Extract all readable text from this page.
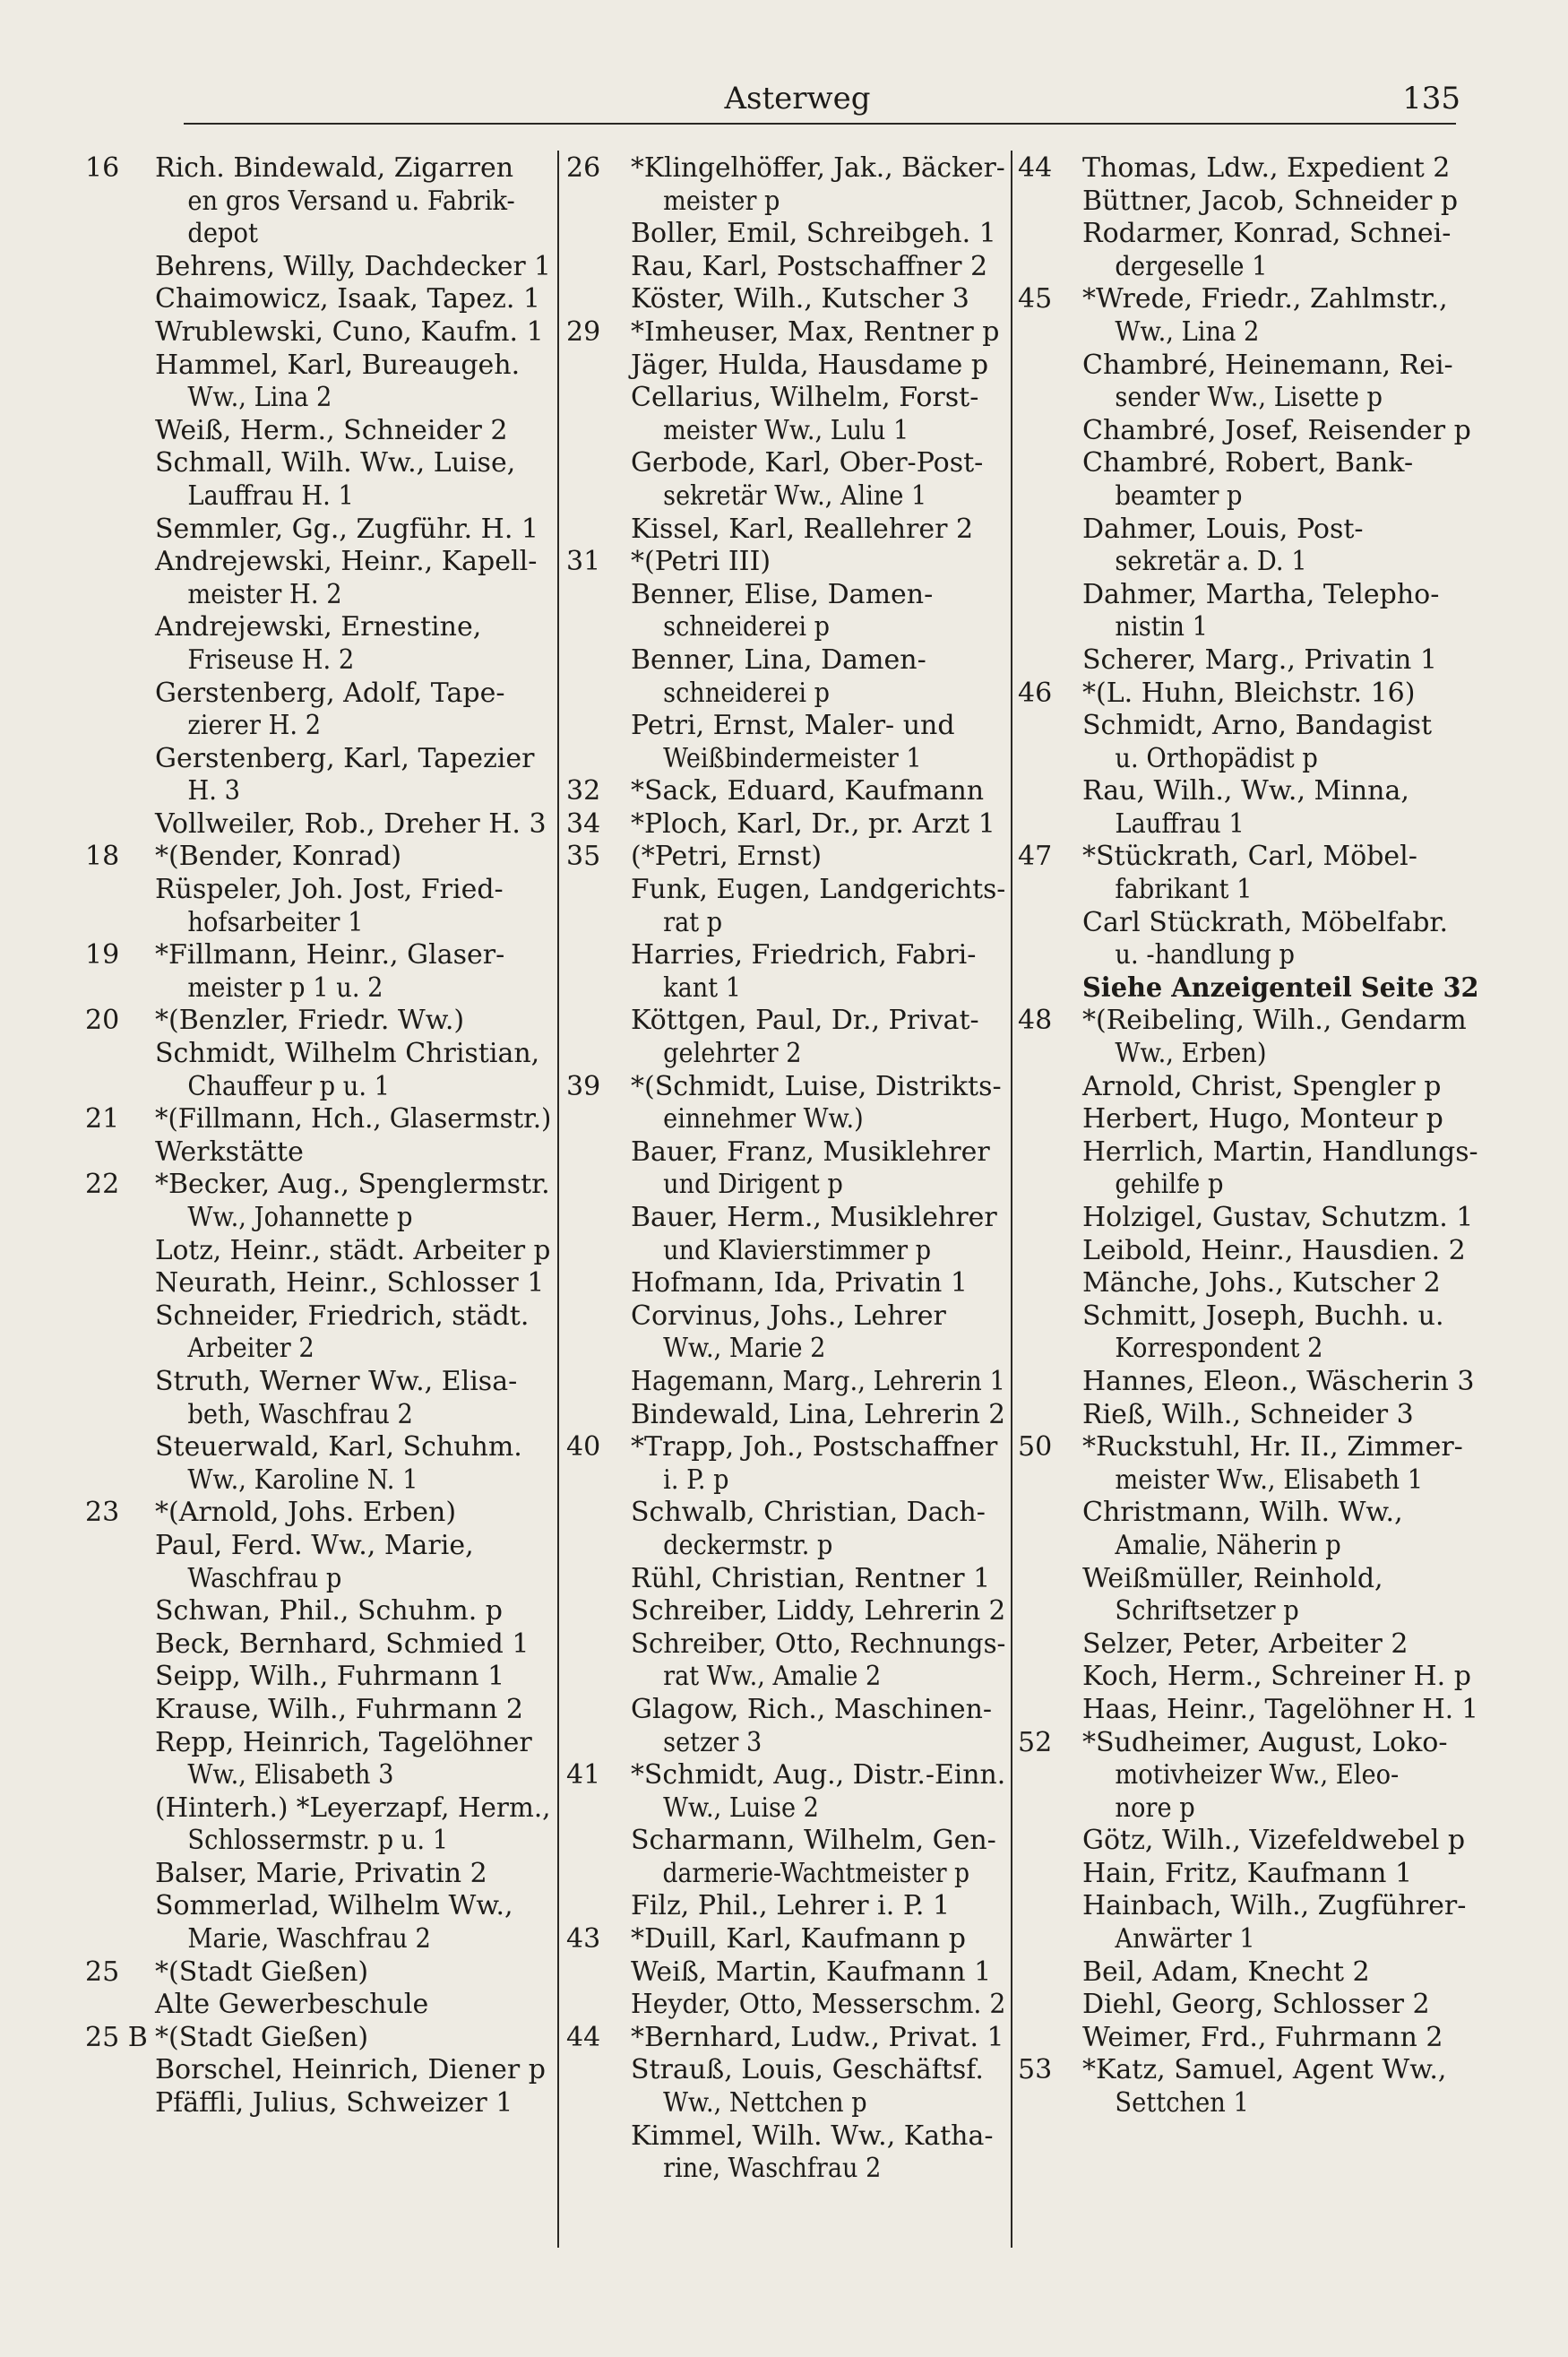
Asterweg	135
16 Rich. Bindewald, Zigarren
en gros Versand u. Fabrik-
depot
Behrens, Willy, Dachdecker 1
Chaimowicz, Isaak, Tapez. 1
Wrublewski, Cuno, Kaufm. 1
Hammel, Karl, Bureaugeh.
Ww., Lina 2
Weiß, Herm., Schneider 2
Schmall, Wilh. Ww., Luise,
Lauffrau H. 1
Semmler, Gg., Zugführ. H. 1
Andrejewski, Heinr., Kapell-
meister H. 2
Andrejewski, Ernestine,
Friseuse H. 2
Gerstenberg, Adolf, Tape-
zierer H. 2
Gerstenberg, Karl, Tapezier
H. 3
Vollweiler, Rob., Dreher H. 3
18 *(Bender, Konrad)
Rüspeler, Joh. Jost, Fried-
hofsarbeiter 1
19 *Fillmann, Heinr., Glaser-
meister p 1 u. 2
20 *(Benzler, Friedr. Ww.)
Schmidt, Wilhelm Christian,
Chauffeur p u. 1
21 *(Fillmann, Hch., Glasermstr.)
Werkstätte
22 *Becker, Aug., Spenglermstr.
Ww., Johannette p
Lotz, Heinr., städt. Arbeiter p
Neurath, Heinr., Schlosser 1
Schneider, Friedrich, städt.
Arbeiter 2
Struth, Werner Ww., Elisa-
beth, Waschfrau 2
Steuerwald, Karl, Schuhm.
Ww., Karoline N. 1
23 *(Arnold, Johs. Erben)
Paul, Ferd. Ww., Marie,
Waschfrau p
Schwan, Phil., Schuhm. p
Beck, Bernhard, Schmied 1
Seipp, Wilh., Fuhrmann 1
Krause, Wilh., Fuhrmann 2
Repp, Heinrich, Tagelöhner
Ww., Elisabeth 3
(Hinterh.) *Leyerzapf, Herm.,
Schlossermstr. p u. 1
Balser, Marie, Privatin 2
Sommerlad, Wilhelm Ww.,
Marie, Waschfrau 2
25 *(Stadt Gießen)
Alte Gewerbeschule
25 B *(Stadt Gießen)
Borschel, Heinrich, Diener p
Pfäffli, Julius, Schweizer 1
26 *Klingelhöffer, Jak., Bäcker-
meister p
Boller, Emil, Schreibgeh. 1
Rau, Karl, Postschaffner 2
Köster, Wilh., Kutscher 3
29 *Imheuser, Max, Rentner p
Jäger, Hulda, Hausdame p
Cellarius, Wilhelm, Forst-
meister Ww., Lulu 1
Gerbode, Karl, Ober-Post-
sekretär Ww., Aline 1
Kissel, Karl, Reallehrer 2
31 *(Petri III)
Benner, Elise, Damen-
schneiderei p
Benner, Lina, Damen-
schneiderei p
Petri, Ernst, Maler- und
Weißbindermeister 1
32 *Sack, Eduard, Kaufmann
34 *Ploch, Karl, Dr., pr. Arzt 1
35 (*Petri, Ernst)
Funk, Eugen, Landgerichts-
rat p
Harries, Friedrich, Fabri-
kant 1
Köttgen, Paul, Dr., Privat-
gelehrter 2
39 *(Schmidt, Luise, Distrikts-
einnehmer Ww.)
Bauer, Franz, Musiklehrer
und Dirigent p
Bauer, Herm., Musiklehrer
und Klavierstimmer p
Hofmann, Ida, Privatin 1
Corvinus, Johs., Lehrer
Ww., Marie 2
Hagemann, Marg., Lehrerin 1
Bindewald, Lina, Lehrerin 2
40 *Trapp, Joh., Postschaffner
i. P. p
Schwalb, Christian, Dach-
deckermstr. p
Rühl, Christian, Rentner 1
Schreiber, Liddy, Lehrerin 2
Schreiber, Otto, Rechnungs-
rat Ww., Amalie 2
Glagow, Rich., Maschinen-
setzer 3
41 *Schmidt, Aug., Distr.-Einn.
Ww., Luise 2
Scharmann, Wilhelm, Gen-
darmerie-Wachtmeister p
Filz, Phil., Lehrer i. P. 1
43 *Duill, Karl, Kaufmann p
Weiß, Martin, Kaufmann 1
Heyder, Otto, Messerschm. 2
44 *Bernhard, Ludw., Privat. 1
Strauß, Louis, Geschäftsf.
Ww., Nettchen p
Kimmel, Wilh. Ww., Katha-
rine, Waschfrau 2
44 Thomas, Ldw., Expedient 2
Büttner, Jacob, Schneider p
Rodarmer, Konrad, Schnei-
dergeselle 1
45 *Wrede, Friedr., Zahlmstr.,
Ww., Lina 2
Chambré, Heinemann, Rei-
sender Ww., Lisette p
Chambré, Josef, Reisender p
Chambré, Robert, Bank-
beamter p
Dahmer, Louis, Post-
sekretär a. D. 1
Dahmer, Martha, Telepho-
nistin 1
Scherer, Marg., Privatin 1
46 *(L. Huhn, Bleichstr. 16)
Schmidt, Arno, Bandagist
u. Orthopädist p
Rau, Wilh., Ww., Minna,
Lauffrau 1
47 *Stückrath, Carl, Möbel-
fabrikant 1
Carl Stückrath, Möbelfabr.
u. -handlung p
Siehe Anzeigenteil Seite 32
48 *(Reibeling, Wilh., Gendarm
Ww., Erben)
Arnold, Christ, Spengler p
Herbert, Hugo, Monteur p
Herrlich, Martin, Handlungs-
gehilfe p
Holzigel, Gustav, Schutzm. 1
Leibold, Heinr., Hausdien. 2
Mänche, Johs., Kutscher 2
Schmitt, Joseph, Buchh. u.
Korrespondent 2
Hannes, Eleon., Wäscherin 3
Rieß, Wilh., Schneider 3
50 *Ruckstuhl, Hr. II., Zimmer-
meister Ww., Elisabeth 1
Christmann, Wilh. Ww.,
Amalie, Näherin p
Weißmüller, Reinhold,
Schriftsetzer p
Selzer, Peter, Arbeiter 2
Koch, Herm., Schreiner H. p
Haas, Heinr., Tagelöhner H. 1
52 *Sudheimer, August, Loko-
motivheizer Ww., Eleo-
nore p
Götz, Wilh., Vizefeldwebel p
Hain, Fritz, Kaufmann 1
Hainbach, Wilh., Zugführer-
Anwärter 1
Beil, Adam, Knecht 2
Diehl, Georg, Schlosser 2
Weimer, Frd., Fuhrmann 2
53 *Katz, Samuel, Agent Ww.,
Settchen 1
